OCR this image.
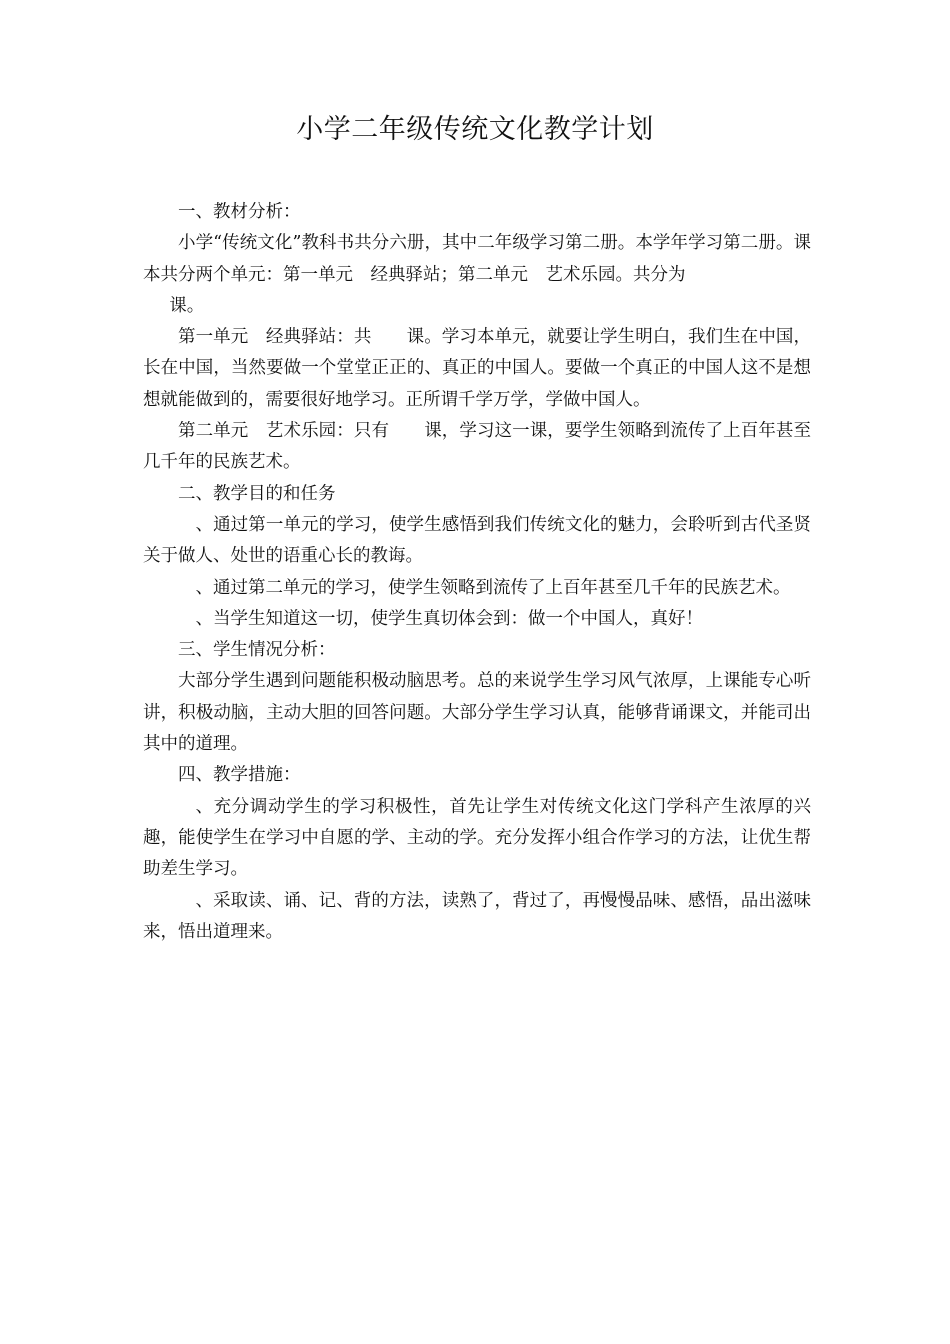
小学二年级传统文化教学计划

一、教材分析：

小学“传统文化”教科书共分六册，其中二年级学习第二册。本学年学习第二册。课本共分两个单元：第一单元　经典驿站；第二单元　艺术乐园。共分为

课。

第一单元　经典驿站：共　　课。学习本单元，就要让学生明白，我们生在中国，长在中国，当然要做一个堂堂正正的、真正的中国人。要做一个真正的中国人这不是想想就能做到的，需要很好地学习。正所谓千学万学，学做中国人。

第二单元　艺术乐园：只有　　课，学习这一课，要学生领略到流传了上百年甚至几千年的民族艺术。

二、教学目的和任务

、通过第一单元的学习，使学生感悟到我们传统文化的魅力，会聆听到古代圣贤关于做人、处世的语重心长的教诲。

、通过第二单元的学习，使学生领略到流传了上百年甚至几千年的民族艺术。

、当学生知道这一切，使学生真切体会到：做一个中国人，真好！

三、学生情况分析：

大部分学生遇到问题能积极动脑思考。总的来说学生学习风气浓厚，上课能专心听讲，积极动脑，主动大胆的回答问题。大部分学生学习认真，能够背诵课文，并能司出其中的道理。

四、教学措施：

、充分调动学生的学习积极性，首先让学生对传统文化这门学科产生浓厚的兴趣，能使学生在学习中自愿的学、主动的学。充分发挥小组合作学习的方法，让优生帮助差生学习。

、采取读、诵、记、背的方法，读熟了，背过了，再慢慢品味、感悟，品出滋味来，悟出道理来。
